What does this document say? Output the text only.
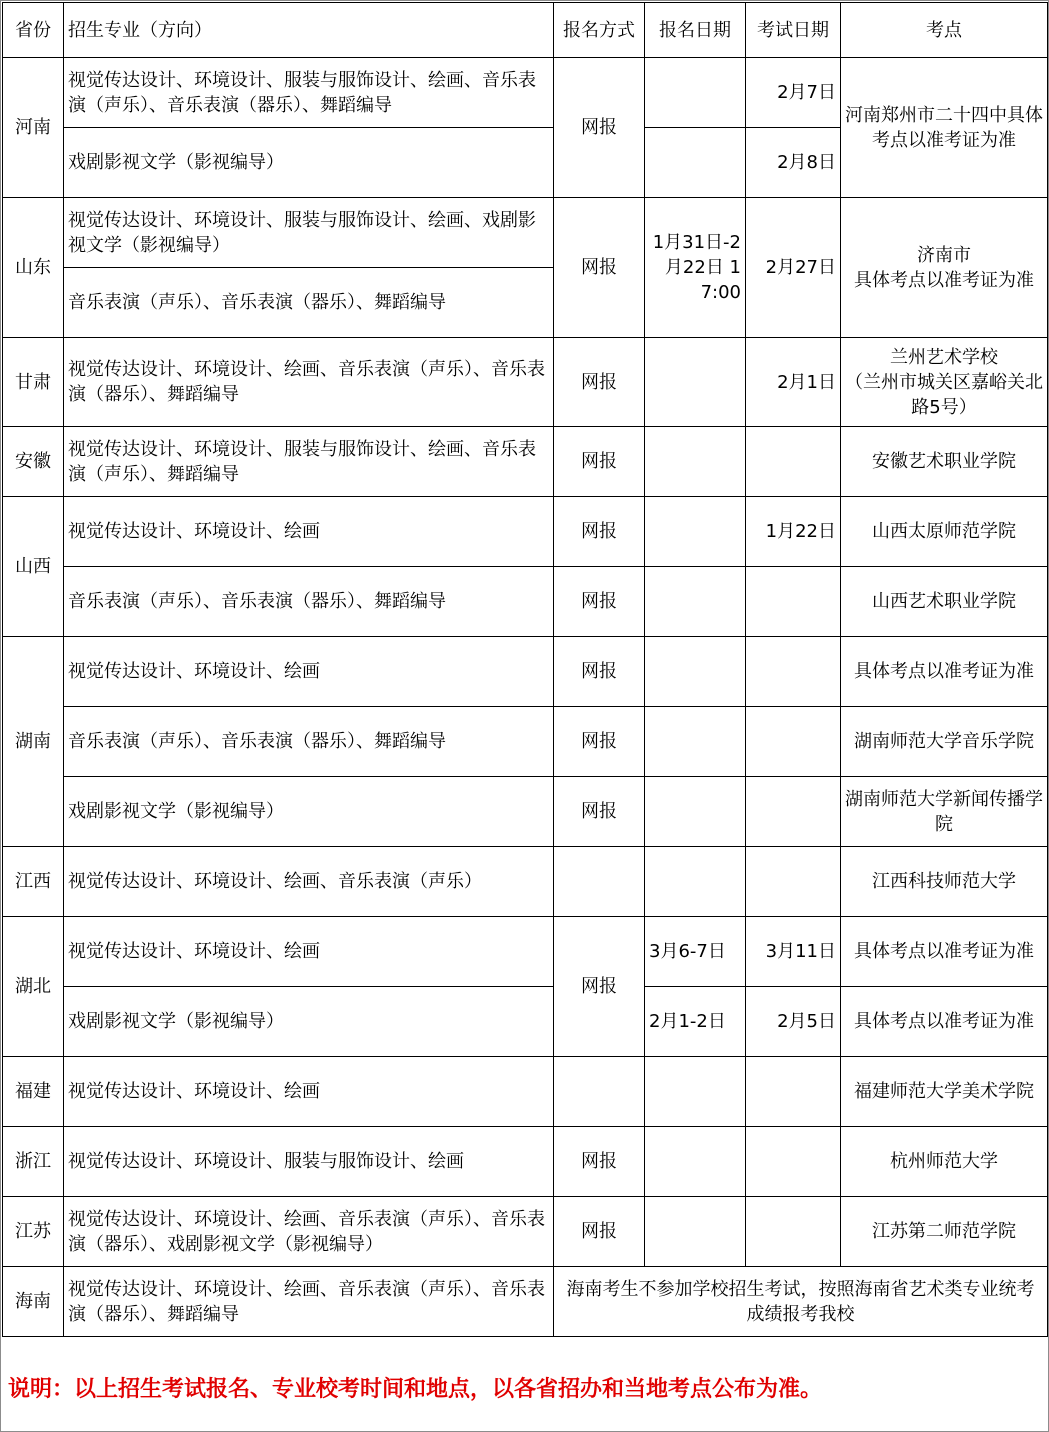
省份	招生专业（方向）	报名方式	报名日期	考试日期	考点
河南	视觉传达设计、环境设计、服装与服饰设计、绘画、音乐表演（声乐）、音乐表演（器乐）、舞蹈编导	网报		2月7日	河南郑州市二十四中具体考点以准考证为准
	戏剧影视文学（影视编导）			2月8日	
山东	视觉传达设计、环境设计、服装与服饰设计、绘画、戏剧影视文学（影视编导）	网报	1月31日-2月22日 17:00	2月27日	济南市
具体考点以准考证为准
	音乐表演（声乐）、音乐表演（器乐）、舞蹈编导				
甘肃	视觉传达设计、环境设计、绘画、音乐表演（声乐）、音乐表演（器乐）、舞蹈编导	网报		2月1日	兰州艺术学校
（兰州市城关区嘉峪关北路5号）
安徽	视觉传达设计、环境设计、服装与服饰设计、绘画、音乐表演（声乐）、舞蹈编导	网报			安徽艺术职业学院
山西	视觉传达设计、环境设计、绘画	网报		1月22日	山西太原师范学院
	音乐表演（声乐）、音乐表演（器乐）、舞蹈编导	网报			山西艺术职业学院
湖南	视觉传达设计、环境设计、绘画	网报			具体考点以准考证为准
	音乐表演（声乐）、音乐表演（器乐）、舞蹈编导	网报			湖南师范大学音乐学院
	戏剧影视文学（影视编导）	网报			湖南师范大学新闻传播学院
江西	视觉传达设计、环境设计、绘画、音乐表演（声乐）				江西科技师范大学
湖北	视觉传达设计、环境设计、绘画	网报	3月6-7日	3月11日	具体考点以准考证为准
	戏剧影视文学（影视编导）		2月1-2日	2月5日	具体考点以准考证为准
福建	视觉传达设计、环境设计、绘画				福建师范大学美术学院
浙江	视觉传达设计、环境设计、服装与服饰设计、绘画	网报			杭州师范大学
江苏	视觉传达设计、环境设计、绘画、音乐表演（声乐）、音乐表演（器乐）、戏剧影视文学（影视编导）	网报			江苏第二师范学院
海南	视觉传达设计、环境设计、绘画、音乐表演（声乐）、音乐表演（器乐）、舞蹈编导	海南考生不参加学校招生考试，按照海南省艺术类专业统考成绩报考我校			
说明：以上招生考试报名、专业校考时间和地点，以各省招办和当地考点公布为准。
